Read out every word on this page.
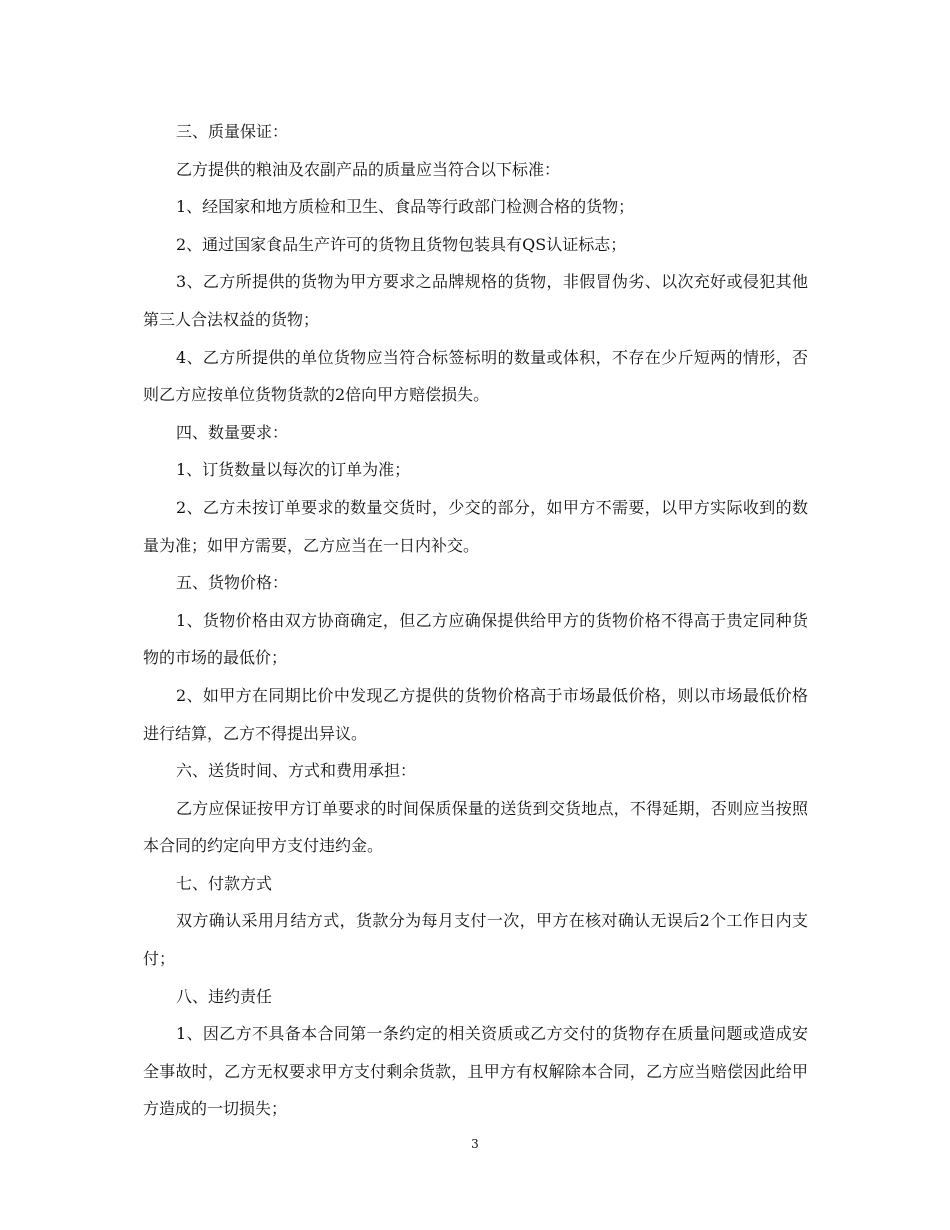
三、质量保证：

乙方提供的粮油及农副产品的质量应当符合以下标准：

1、经国家和地方质检和卫生、食品等行政部门检测合格的货物；

2、通过国家食品生产许可的货物且货物包装具有QS认证标志；

3、乙方所提供的货物为甲方要求之品牌规格的货物，非假冒伪劣、以次充好或侵犯其他第三人合法权益的货物；

4、乙方所提供的单位货物应当符合标签标明的数量或体积，不存在少斤短两的情形，否则乙方应按单位货物货款的2倍向甲方赔偿损失。

四、数量要求：

1、订货数量以每次的订单为准；

2、乙方未按订单要求的数量交货时，少交的部分，如甲方不需要，以甲方实际收到的数量为准；如甲方需要，乙方应当在一日内补交。

五、货物价格：

1、货物价格由双方协商确定，但乙方应确保提供给甲方的货物价格不得高于贵定同种货物的市场的最低价；

2、如甲方在同期比价中发现乙方提供的货物价格高于市场最低价格，则以市场最低价格进行结算，乙方不得提出异议。

六、送货时间、方式和费用承担：

乙方应保证按甲方订单要求的时间保质保量的送货到交货地点，不得延期，否则应当按照本合同的约定向甲方支付违约金。

七、付款方式

双方确认采用月结方式，货款分为每月支付一次，甲方在核对确认无误后2个工作日内支付；

八、违约责任

1、因乙方不具备本合同第一条约定的相关资质或乙方交付的货物存在质量问题或造成安全事故时，乙方无权要求甲方支付剩余货款，且甲方有权解除本合同，乙方应当赔偿因此给甲方造成的一切损失；

3
